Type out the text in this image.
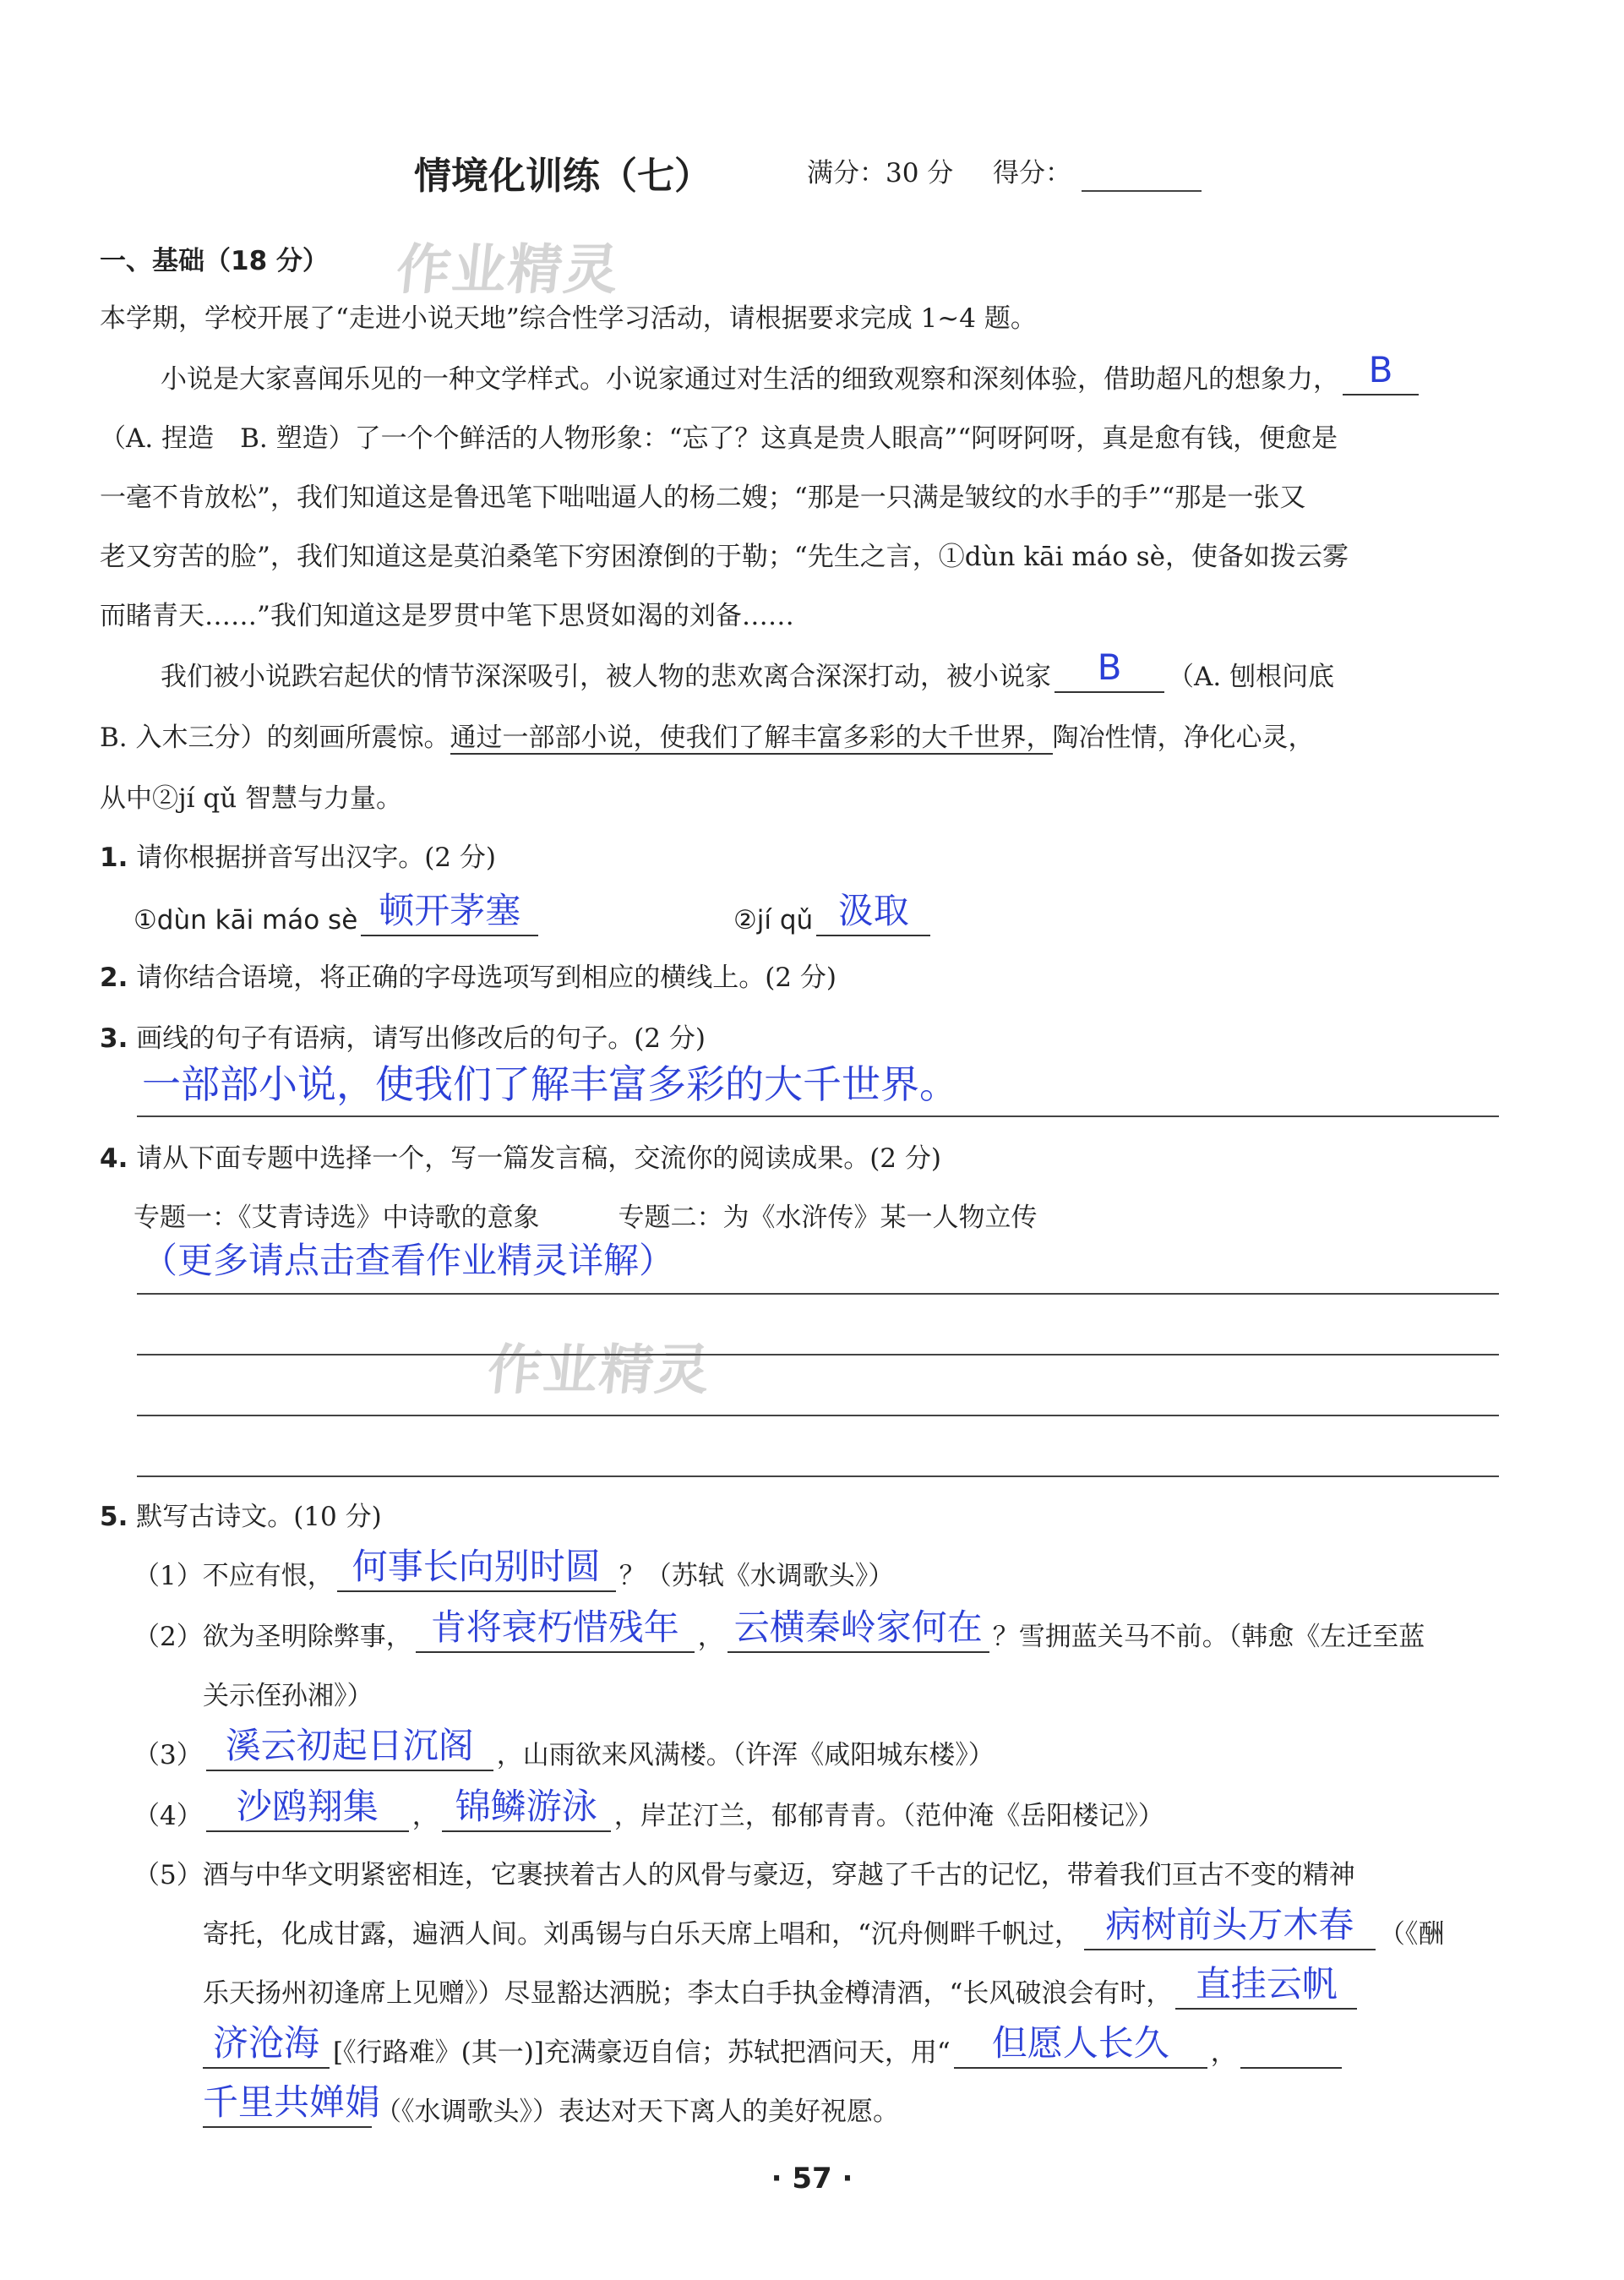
情境化训练（七）	满分：30 分 得分：
作业精灵
作业精灵
一、基础（18 分）
本学期，学校开展了“走进小说天地”综合性学习活动，请根据要求完成 1~4 题。
小说是大家喜闻乐见的一种文学样式。小说家通过对生活的细致观察和深刻体验，借助超凡的想象力， B
（A. 捏造　B. 塑造）了一个个鲜活的人物形象：“忘了？这真是贵人眼高”“阿呀阿呀，真是愈有钱，便愈是
一毫不肯放松”，我们知道这是鲁迅笔下咄咄逼人的杨二嫂；“那是一只满是皱纹的水手的手”“那是一张又
老又穷苦的脸”，我们知道这是莫泊桑笔下穷困潦倒的于勒；“先生之言，①dùn kāi máo sè，使备如拨云雾
而睹青天……”我们知道这是罗贯中笔下思贤如渴的刘备……
我们被小说跌宕起伏的情节深深吸引，被人物的悲欢离合深深打动，被小说家	B	（A. 刨根问底
B. 入木三分）的刻画所震惊。通过一部部小说，使我们了解丰富多彩的大千世界，陶冶性情，净化心灵，
从中②jí qǔ 智慧与力量。
1. 请你根据拼音写出汉字。(2 分)
①dùn kāi máo sè 顿开茅塞	②jí qǔ 汲取
2. 请你结合语境，将正确的字母选项写到相应的横线上。(2 分)
3. 画线的句子有语病，请写出修改后的句子。(2 分)
一部部小说，使我们了解丰富多彩的大千世界。
4. 请从下面专题中选择一个，写一篇发言稿，交流你的阅读成果。(2 分)
专题一：《艾青诗选》中诗歌的意象　　　专题二：为《水浒传》某一人物立传
（更多请点击查看作业精灵详解）
5. 默写古诗文。(10 分)
（1）不应有恨， 何事长向别时圆 ？（苏轼《水调歌头》）
（2）欲为圣明除弊事， 肯将衰朽惜残年 ， 云横秦岭家何在 ？雪拥蓝关马不前。（韩愈《左迁至蓝
关示侄孙湘》）
（3） 溪云初起日沉阁 ，山雨欲来风满楼。（许浑《咸阳城东楼》）
（4） 沙鸥翔集	， 锦鳞游泳 ，岸芷汀兰，郁郁青青。（范仲淹《岳阳楼记》）
（5）酒与中华文明紧密相连，它裹挟着古人的风骨与豪迈，穿越了千古的记忆，带着我们亘古不变的精神
寄托，化成甘露，遍洒人间。刘禹锡与白乐天席上唱和，“沉舟侧畔千帆过， 病树前头万木春 （《酬
乐天扬州初逢席上见赠》）尽显豁达洒脱；李太白手执金樽清酒，“长风破浪会有时， 直挂云帆
济沧海 [《行路难》(其一)]充满豪迈自信；苏轼把酒问天，用“	但愿人长久	，
千里共婵娟
（《水调歌头》）表达对天下离人的美好祝愿。
· 57 ·
